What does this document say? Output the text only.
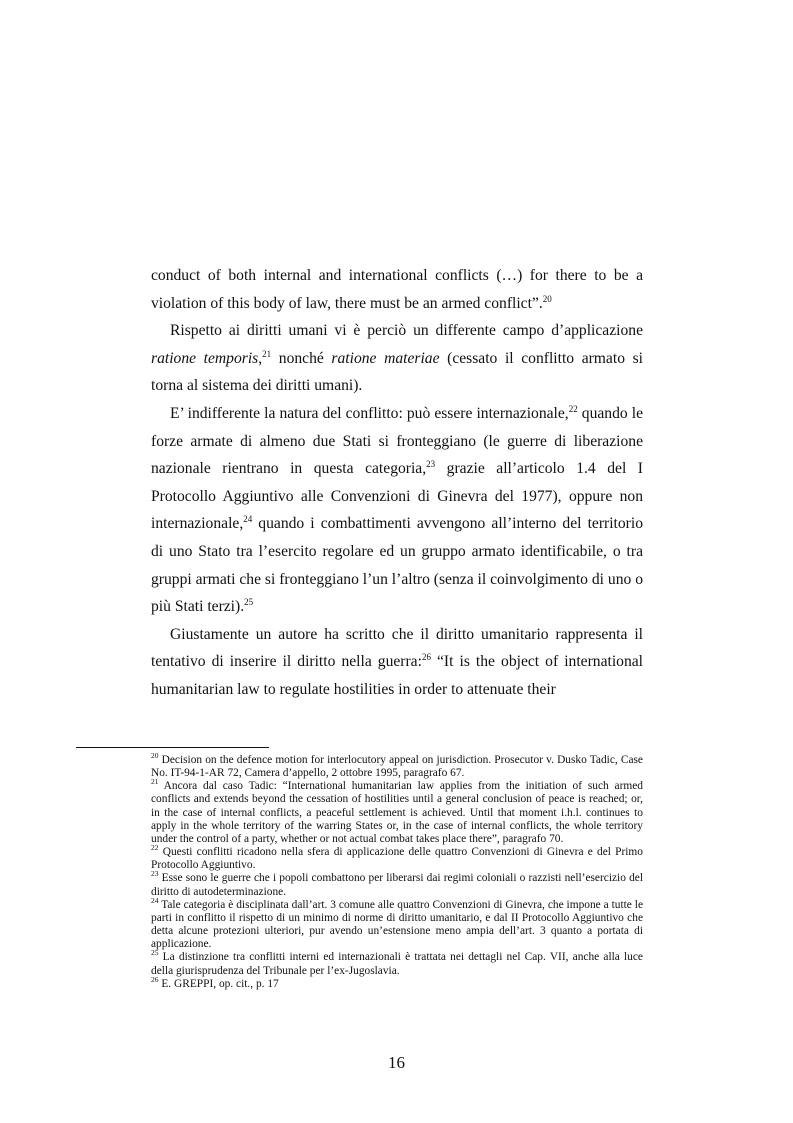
conduct of both internal and international conflicts (…) for there to be a violation of this body of law, there must be an armed conflict”.$^{20}$

Rispetto ai diritti umani vi è perciò un differente campo d’applicazione ratione temporis,$^{21}$ nonché ratione materiae (cessato il conflitto armato si torna al sistema dei diritti umani).

E’ indifferente la natura del conflitto: può essere internazionale,$^{22}$ quando le forze armate di almeno due Stati si fronteggiano (le guerre di liberazione nazionale rientrano in questa categoria,$^{23}$ grazie all’articolo 1.4 del I Protocollo Aggiuntivo alle Convenzioni di Ginevra del 1977), oppure non internazionale,$^{24}$ quando i combattimenti avvengono all’interno del territorio di uno Stato tra l’esercito regolare ed un gruppo armato identificabile, o tra gruppi armati che si fronteggiano l’un l’altro (senza il coinvolgimento di uno o più Stati terzi).$^{25}$

Giustamente un autore ha scritto che il diritto umanitario rappresenta il tentativo di inserire il diritto nella guerra:$^{26}$ “It is the object of international humanitarian law to regulate hostilities in order to attenuate their

$^{20}$ Decision on the defence motion for interlocutory appeal on jurisdiction. Prosecutor v. Dusko Tadic, Case No. IT-94-1-AR 72, Camera d’appello, 2 ottobre 1995, paragrafo 67.

$^{21}$ Ancora dal caso Tadic: “International humanitarian law applies from the initiation of such armed conflicts and extends beyond the cessation of hostilities until a general conclusion of peace is reached; or, in the case of internal conflicts, a peaceful settlement is achieved. Until that moment i.h.l. continues to apply in the whole territory of the warring States or, in the case of internal conflicts, the whole territory under the control of a party, whether or not actual combat takes place there”, paragrafo 70.

$^{22}$ Questi conflitti ricadono nella sfera di applicazione delle quattro Convenzioni di Ginevra e del Primo Protocollo Aggiuntivo.

$^{23}$ Esse sono le guerre che i popoli combattono per liberarsi dai regimi coloniali o razzisti nell’esercizio del diritto di autodeterminazione.

$^{24}$ Tale categoria è disciplinata dall’art. 3 comune alle quattro Convenzioni di Ginevra, che impone a tutte le parti in conflitto il rispetto di un minimo di norme di diritto umanitario, e dal II Protocollo Aggiuntivo che detta alcune protezioni ulteriori, pur avendo un’estensione meno ampia dell’art. 3 quanto a portata di applicazione.

$^{25}$ La distinzione tra conflitti interni ed internazionali è trattata nei dettagli nel Cap. VII, anche alla luce della giurisprudenza del Tribunale per l’ex-Jugoslavia.

$^{26}$ E. GREPPI, op. cit., p. 17

16
